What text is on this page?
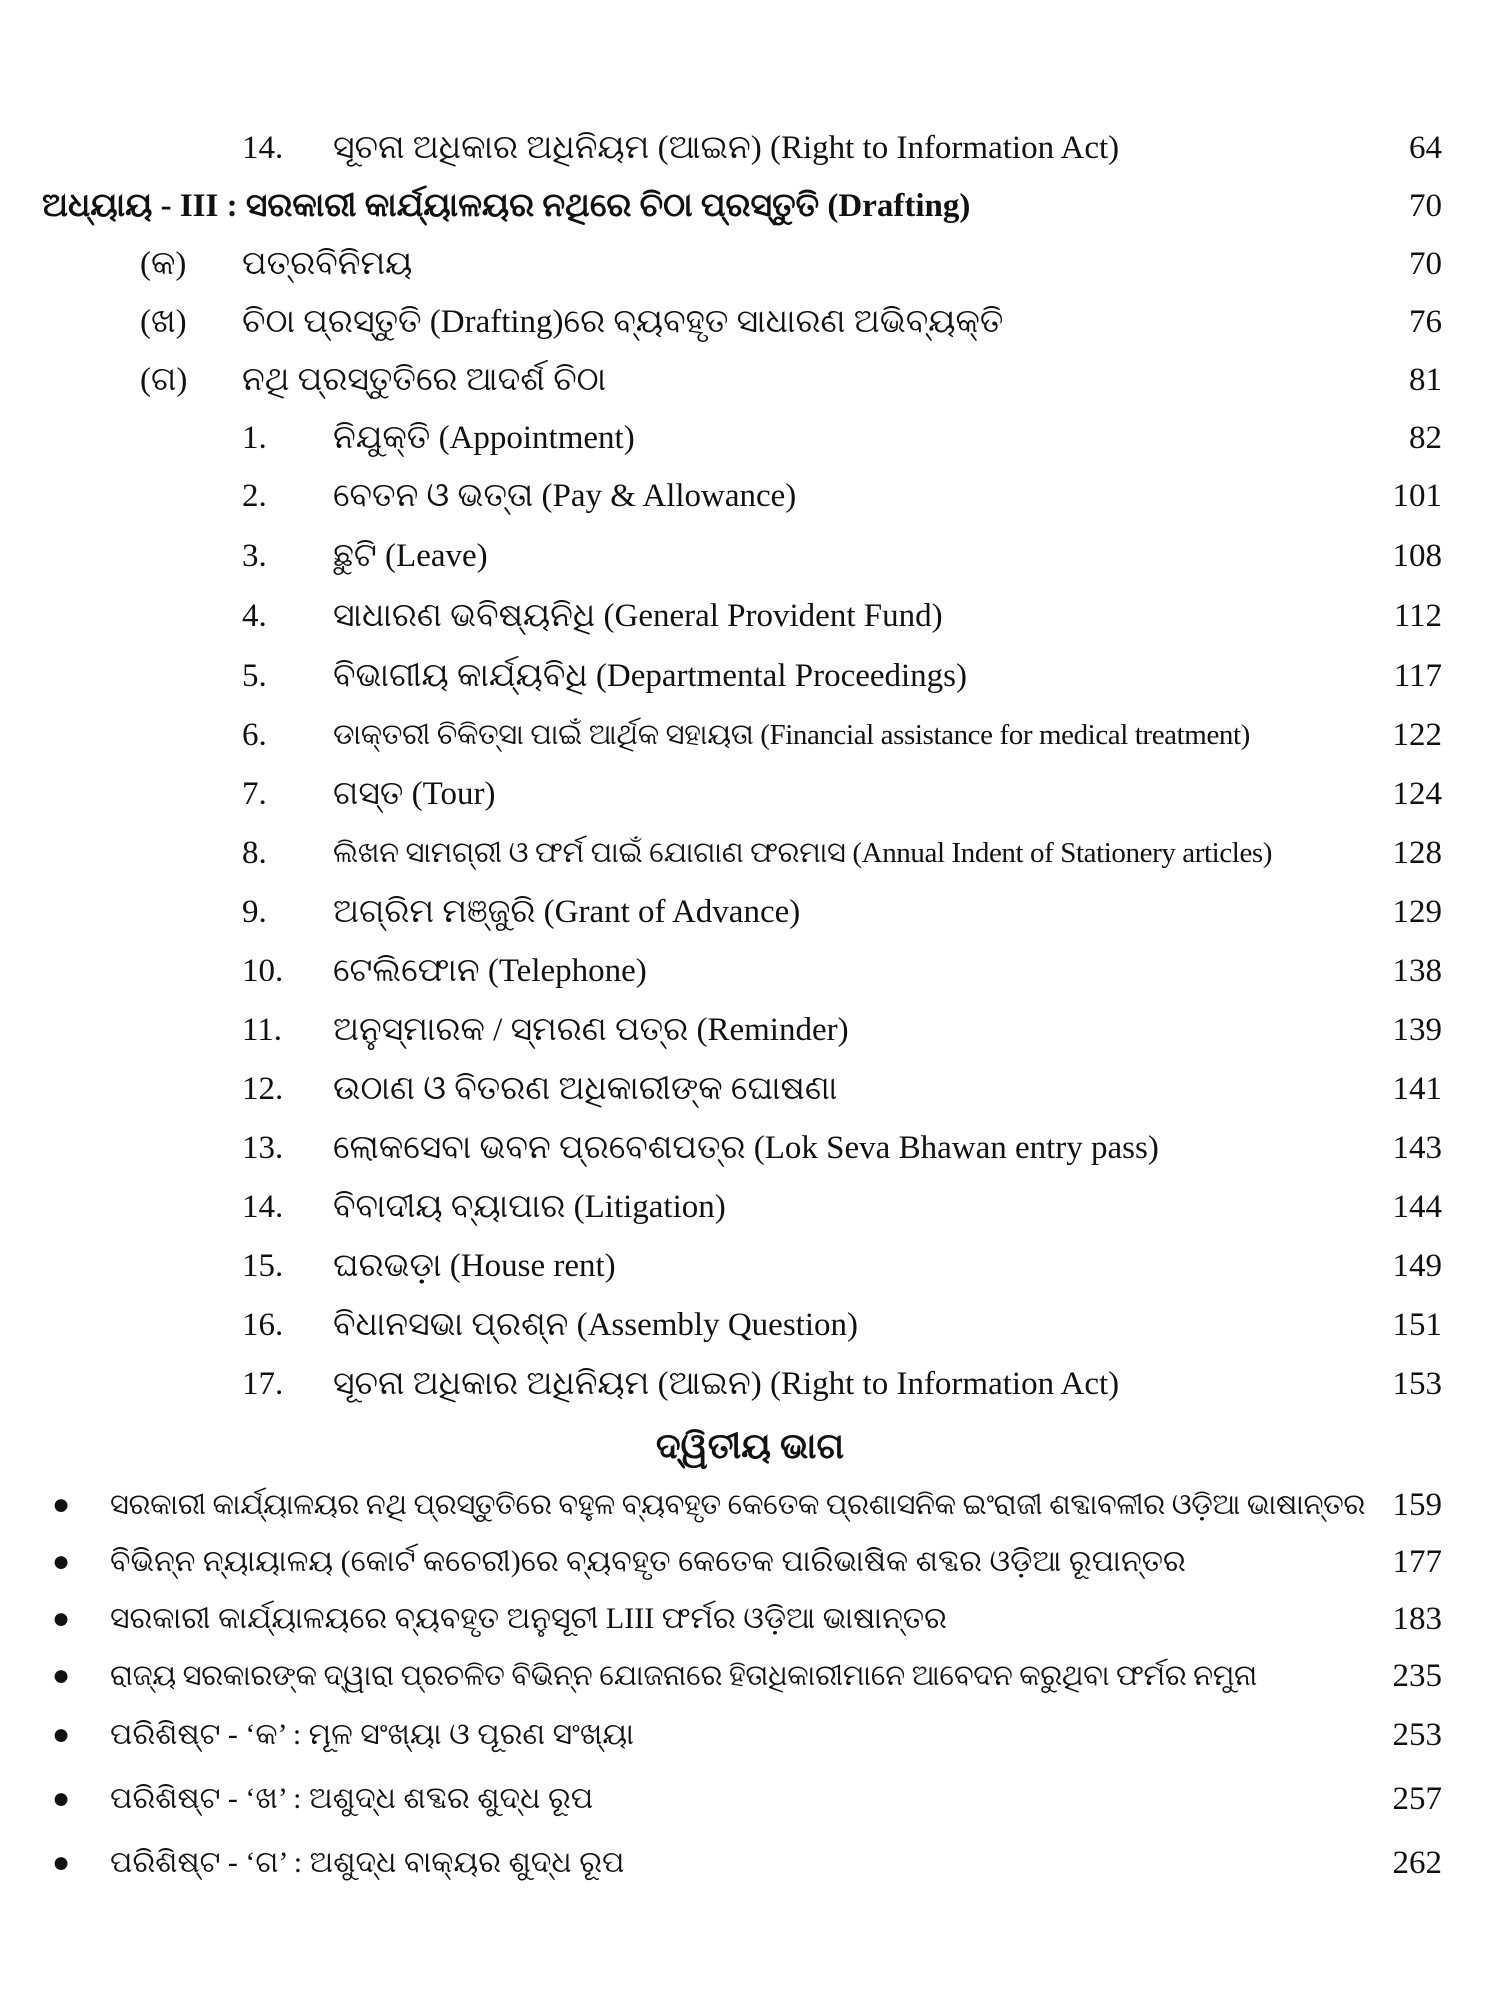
14. ସୂଚନା ଅଧିକାର ଅଧିନିୟମ (ଆଇନ) (Right to Information Act)	64
ଅଧ୍ୟାୟ - III : ସରକାରୀ କାର୍ଯ୍ୟାଳୟର ନଥିରେ ଚିଠା ପ୍ରସ୍ତୁତି (Drafting)	70
(କ) ପତ୍ରବିନିମୟ	70
(ଖ) ଚିଠା ପ୍ରସ୍ତୁତି (Drafting)ରେ ବ୍ୟବହୃତ ସାଧାରଣ ଅଭିବ୍ୟକ୍ତି	76
(ଗ) ନଥି ପ୍ରସ୍ତୁତିରେ ଆଦର୍ଶ ଚିଠା	81
1. ନିଯୁକ୍ତି (Appointment)	82
2. ବେତନ ଓ ଭତ୍ତା (Pay & Allowance)	101
3. ଛୁଟି (Leave)	108
4. ସାଧାରଣ ଭବିଷ୍ୟନିଧି (General Provident Fund)	112
5. ବିଭାଗୀୟ କାର୍ଯ୍ୟବିଧି (Departmental Proceedings)	117
6. ଡାକ୍ତରୀ ଚିକିତ୍ସା ପାଇଁ ଆର୍ଥିକ ସହାୟତା (Financial assistance for medical treatment)	122
7. ଗସ୍ତ (Tour)	124
8. ଲିଖନ ସାମଗ୍ରୀ ଓ ଫର୍ମ ପାଇଁ ଯୋଗାଣ ଫରମାସ (Annual Indent of Stationery articles)	128
9. ଅଗ୍ରିମ ମଞ୍ଜୁରି (Grant of Advance)	129
10. ଟେଲିଫୋନ (Telephone)	138
11. ଅନୁସ୍ମାରକ / ସ୍ମରଣ ପତ୍ର (Reminder)	139
12. ଉଠାଣ ଓ ବିତରଣ ଅଧିକାରୀଙ୍କ ଘୋଷଣା	141
13. ଲୋକସେବା ଭବନ ପ୍ରବେଶପତ୍ର (Lok Seva Bhawan entry pass)	143
14. ବିବାଦୀୟ ବ୍ୟାପାର (Litigation)	144
15. ଘରଭଡ଼ା (House rent)	149
16. ବିଧାନସଭା ପ୍ରଶ୍ନ (Assembly Question)	151
17. ସୂଚନା ଅଧିକାର ଅଧିନିୟମ (ଆଇନ) (Right to Information Act)	153
ଦ୍ୱିତୀୟ ଭାଗ
● ସରକାରୀ କାର୍ଯ୍ୟାଳୟର ନଥି ପ୍ରସ୍ତୁତିରେ ବହୁଳ ବ୍ୟବହୃତ କେତେକ ପ୍ରଶାସନିକ ଇଂରାଜୀ ଶବ୍ଦାବଳୀର ଓଡ଼ିଆ ଭାଷାନ୍ତର 159
● ବିଭିନ୍ନ ନ୍ୟାୟାଳୟ (କୋର୍ଟ କଚେରୀ)ରେ ବ୍ୟବହୃତ କେତେକ ପାରିଭାଷିକ ଶବ୍ଦର ଓଡ଼ିଆ ରୂପାନ୍ତର	177
● ସରକାରୀ କାର୍ଯ୍ୟାଳୟରେ ବ୍ୟବହୃତ ଅନୁସୂଚୀ LIII ଫର୍ମର ଓଡ଼ିଆ ଭାଷାନ୍ତର	183
● ରାଜ୍ୟ ସରକାରଙ୍କ ଦ୍ୱାରା ପ୍ରଚଳିତ ବିଭିନ୍ନ ଯୋଜନାରେ ହିତାଧିକାରୀମାନେ ଆବେଦନ କରୁଥିବା ଫର୍ମର ନମୁନା	235
● ପରିଶିଷ୍ଟ - ‘କ’ : ମୂଳ ସଂଖ୍ୟା ଓ ପୂରଣ ସଂଖ୍ୟା	253
● ପରିଶିଷ୍ଟ - ‘ଖ’ : ଅଶୁଦ୍ଧ ଶବ୍ଦର ଶୁଦ୍ଧ ରୂପ	257
● ପରିଶିଷ୍ଟ - ‘ଗ’ : ଅଶୁଦ୍ଧ ବାକ୍ୟର ଶୁଦ୍ଧ ରୂପ	262
